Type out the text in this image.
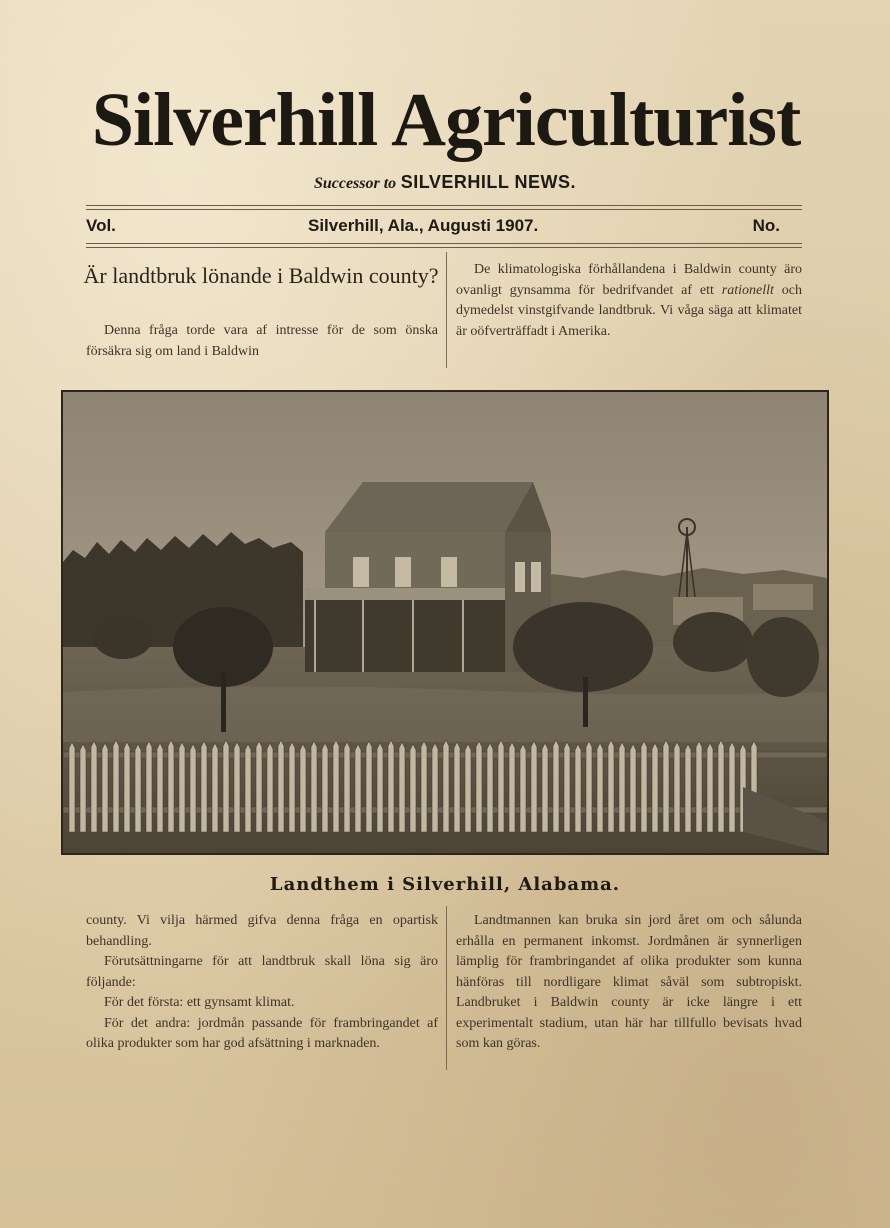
Silverhill Agriculturist
Successor to SILVERHILL NEWS.
Vol.	Silverhill, Ala., Augusti 1907.	No.
Är landtbruk lönande i Baldwin county?

Denna fråga torde vara af intresse för de som önska försäkra sig om land i Baldwin

De klimatologiska förhållandena i Baldwin county äro ovanligt gynsamma för bedrifvandet af ett rationellt och dymedelst vinstgifvande landtbruk. Vi våga säga att klimatet är oöfverträffadt i Amerika.

Landthem i Silverhill, Alabama.

county. Vi vilja härmed gifva denna fråga en opartisk behandling.

Förutsättningarne för att landtbruk skall löna sig äro följande:

För det första: ett gynsamt klimat.

För det andra: jordmån passande för frambringandet af olika produkter som har god afsättning i marknaden.

Landtmannen kan bruka sin jord året om och sålunda erhålla en permanent inkomst. Jordmånen är synnerligen lämplig för frambringandet af olika produkter som kunna hänföras till nordligare klimat såväl som subtropiskt. Landbruket i Baldwin county är icke längre i ett experimentalt stadium, utan här har tillfullo bevisats hvad som kan göras.
